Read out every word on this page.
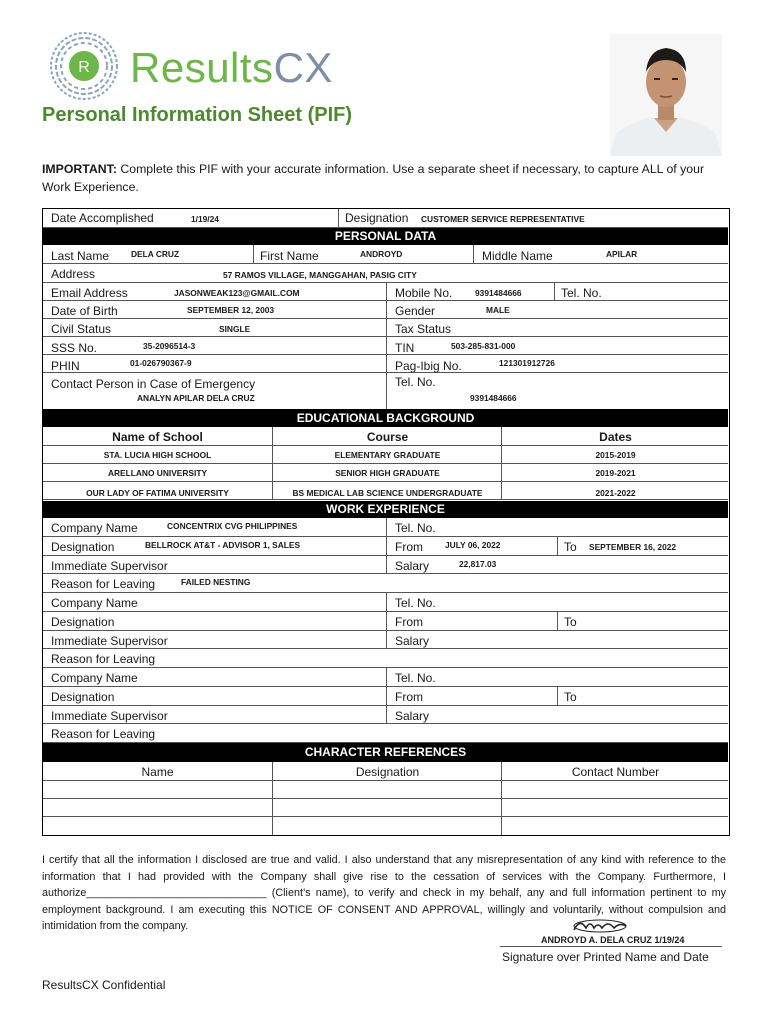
R ResultsCX
Personal Information Sheet (PIF)
IMPORTANT: Complete this PIF with your accurate information. Use a separate sheet if necessary, to capture ALL of your Work Experience.
Date Accomplished	1/19/24	Designation CUSTOMER SERVICE REPRESENTATIVE
PERSONAL DATA
Last Name	DELA CRUZ	First Name	ANDROYD	Middle Name	APILAR
Address	57 RAMOS VILLAGE, MANGGAHAN, PASIG CITY
Email Address	JASONWEAK123@GMAIL.COM	Mobile No.	9391484666	Tel. No.
Date of Birth	SEPTEMBER 12, 2003	Gender	MALE
Civil Status	SINGLE	Tax Status
SSS No.	35-2096514-3	TIN	503-285-831-000
PHIN	01-026790367-9	Pag-Ibig No.	121301912726
Contact Person in Case of Emergency
ANALYN APILAR DELA CRUZ
Tel. No.
9391484666
EDUCATIONAL BACKGROUND
Name of School	Course	Dates
STA. LUCIA HIGH SCHOOL	ELEMENTARY GRADUATE	2015-2019
ARELLANO UNIVERSITY	SENIOR HIGH GRADUATE	2019-2021
OUR LADY OF FATIMA UNIVERSITY	BS MEDICAL LAB SCIENCE UNDERGRADUATE	2021-2022
WORK EXPERIENCE
Company Name	CONCENTRIX CVG PHILIPPINES	Tel. No.
Designation	BELLROCK AT&T - ADVISOR 1, SALES	From	JULY 06, 2022	To SEPTEMBER 16, 2022
Immediate Supervisor	Salary	22,817.03
Reason for Leaving	FAILED NESTING
Company Name	Tel. No.
Designation	From	To
Immediate Supervisor	Salary
Reason for Leaving
Company Name	Tel. No.
Designation	From	To
Immediate Supervisor	Salary
Reason for Leaving
CHARACTER REFERENCES
Name	Designation	Contact Number
I certify that all the information I disclosed are true and valid. I also understand that any misrepresentation of any kind with reference to the information that I had provided with the Company shall give rise to the cessation of services with the Company. Furthermore, I authorize______________________________ (Client’s name), to verify and check in my behalf, any and full information pertinent to my employment background. I am executing this NOTICE OF CONSENT AND APPROVAL, willingly and voluntarily, without compulsion and intimidation from the company.
ANDROYD A. DELA CRUZ 1/19/24
Signature over Printed Name and Date
ResultsCX Confidential
